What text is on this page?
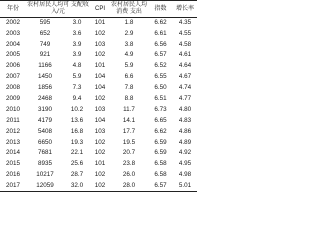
年份	农村居民人均可 支配收入/元		CPI	农村居民人均消费 支出	指数	增长率
2002	595	3.0	101	1.8	6.62	4.35
2003	652	3.6	102	2.9	6.61	4.55
2004	749	3.9	103	3.8	6.56	4.58
2005	921	3.9	102	4.9	6.57	4.61
2006	1166	4.8	101	5.9	6.52	4.64
2007	1450	5.9	104	6.6	6.55	4.67
2008	1856	7.3	104	7.8	6.50	4.74
2009	2468	9.4	102	8.8	6.51	4.77
2010	3190	10.2	103	11.7	6.73	4.80
2011	4179	13.6	104	14.1	6.65	4.83
2012	5408	16.8	103	17.7	6.62	4.86
2013	6650	19.3	102	19.5	6.59	4.89
2014	7681	22.1	102	20.7	6.59	4.92
2015	8935	25.6	101	23.8	6.58	4.95
2016	10217	28.7	102	26.0	6.58	4.98
2017	12059	32.0	102	28.0	6.57	5.01
